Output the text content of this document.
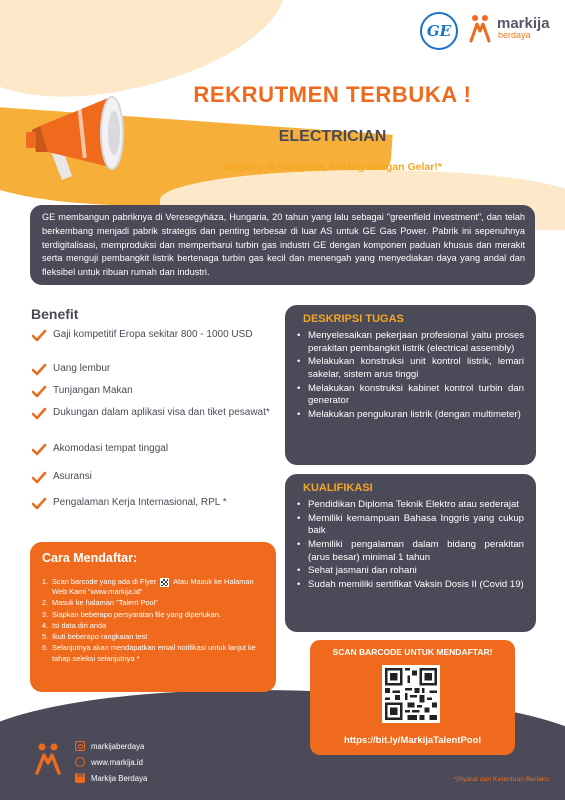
GE	markija
berdaya
REKRUTMEN TERBUKA !
ELECTRICIAN
Magang di Hongaria, Pulang dengan Gelar!*
GE membangun pabriknya di Veresegyháza, Hungaria, 20 tahun yang lalu sebagai "greenfield investment", dan telah berkembang menjadi pabrik strategis dan penting terbesar di luar AS untuk GE Gas Power. Pabrik ini sepenuhnya terdigitalisasi, memproduksi dan memperbarui turbin gas industri GE dengan komponen paduan khusus dan merakit serta menguji pembangkit listrik bertenaga turbin gas kecil dan menengah yang menyediakan daya yang andal dan fleksibel untuk ribuan rumah dan industri.
Benefit
Gaji kompetitif Eropa sekitar 800 - 1000 USD
Uang lembur
Tunjangan Makan
Dukungan dalam aplikasi visa dan tiket pesawat*
Akomodasi tempat tinggal
Asuransi
Pengalaman Kerja Internasional, RPL *
DESKRIPSI TUGAS
• Menyelesaikan pekerjaan profesional yaitu proses perakitan pembangkit listrik (electrical assembly)
• Melakukan konstruksi unit kontrol listrik, lemari sakelar, sistem arus tinggi
• Melakukan konstruksi kabinet kontrol turbin dan generator
• Melakukan pengukuran listrik (dengan multimeter)
KUALIFIKASI
• Pendidikan Diploma Teknik Elektro atau sederajat
• Memiliki kemampuan Bahasa Inggris yang cukup baik
• Memiliki pengalaman dalam bidang perakitan (arus besar) minimal 1 tahun
• Sehat jasmani dan rohani
• Sudah memiliki sertifikat Vaksin Dosis II (Covid 19)
Cara Mendaftar:
1. Scan barcode yang ada di Flyer Atau Masuk ke Halaman Web Kami "www.markija.id"
2. Masuk ke halaman "Talent Pool"
3. Siapkan beberapo persyaratan file yang diperlukan.
4. Isi data diri anda
5. Ikuti beberapo rangkaian test
6. Selanjutnya akan mendapatkan email notifikasi untuk lanjut ke tahap seleksi selanjutnya *
SCAN BARCODE UNTUK MENDAFTAR!
https://bit.ly/MarkijaTalentPool
markijaberdaya
www.markija.id
in
Markija Berdaya	*)Syarat dan Ketentuan Berlaku
